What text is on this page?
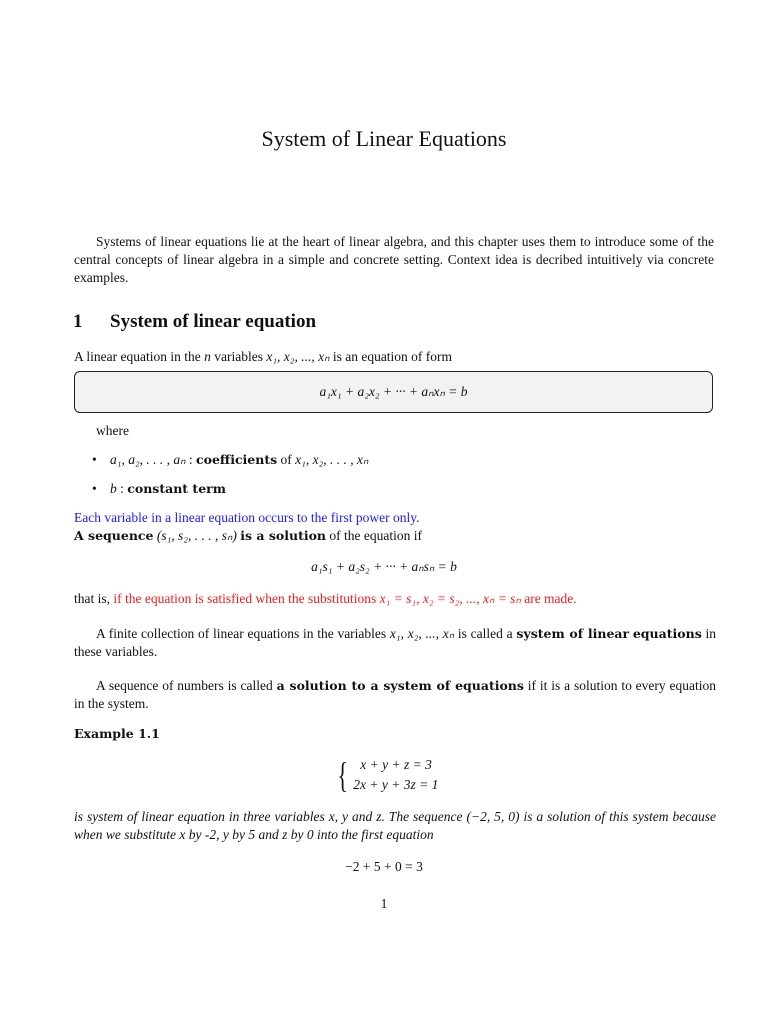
System of Linear Equations
Systems of linear equations lie at the heart of linear algebra, and this chapter uses them to introduce some of the central concepts of linear algebra in a simple and concrete setting. Context idea is decribed intuitively via concrete examples.
1 System of linear equation
A linear equation in the n variables x₁, x₂, ..., xₙ is an equation of form
a₁x₁ + a₂x₂ + ··· + aₙxₙ = b
where
• a₁, a₂, . . . , aₙ : coefficients of x₁, x₂, . . . , xₙ
• b : constant term
Each variable in a linear equation occurs to the first power only.
A sequence (s₁, s₂, . . . , sₙ) is a solution of the equation if
a₁s₁ + a₂s₂ + ··· + aₙsₙ = b
that is, if the equation is satisfied when the substitutions x₁ = s₁, x₂ = s₂, ..., xₙ = sₙ are made.
A finite collection of linear equations in the variables x₁, x₂, ..., xₙ is called a system of linear equations in these variables.
A sequence of numbers is called a solution to a system of equations if it is a solution to every equation in the system.
Example 1.1
{ x + y + z = 3
2x + y + 3z = 1
is system of linear equation in three variables x, y and z. The sequence (−2, 5, 0) is a solution of this system because when we substitute x by -2, y by 5 and z by 0 into the first equation
−2 + 5 + 0 = 3
1
